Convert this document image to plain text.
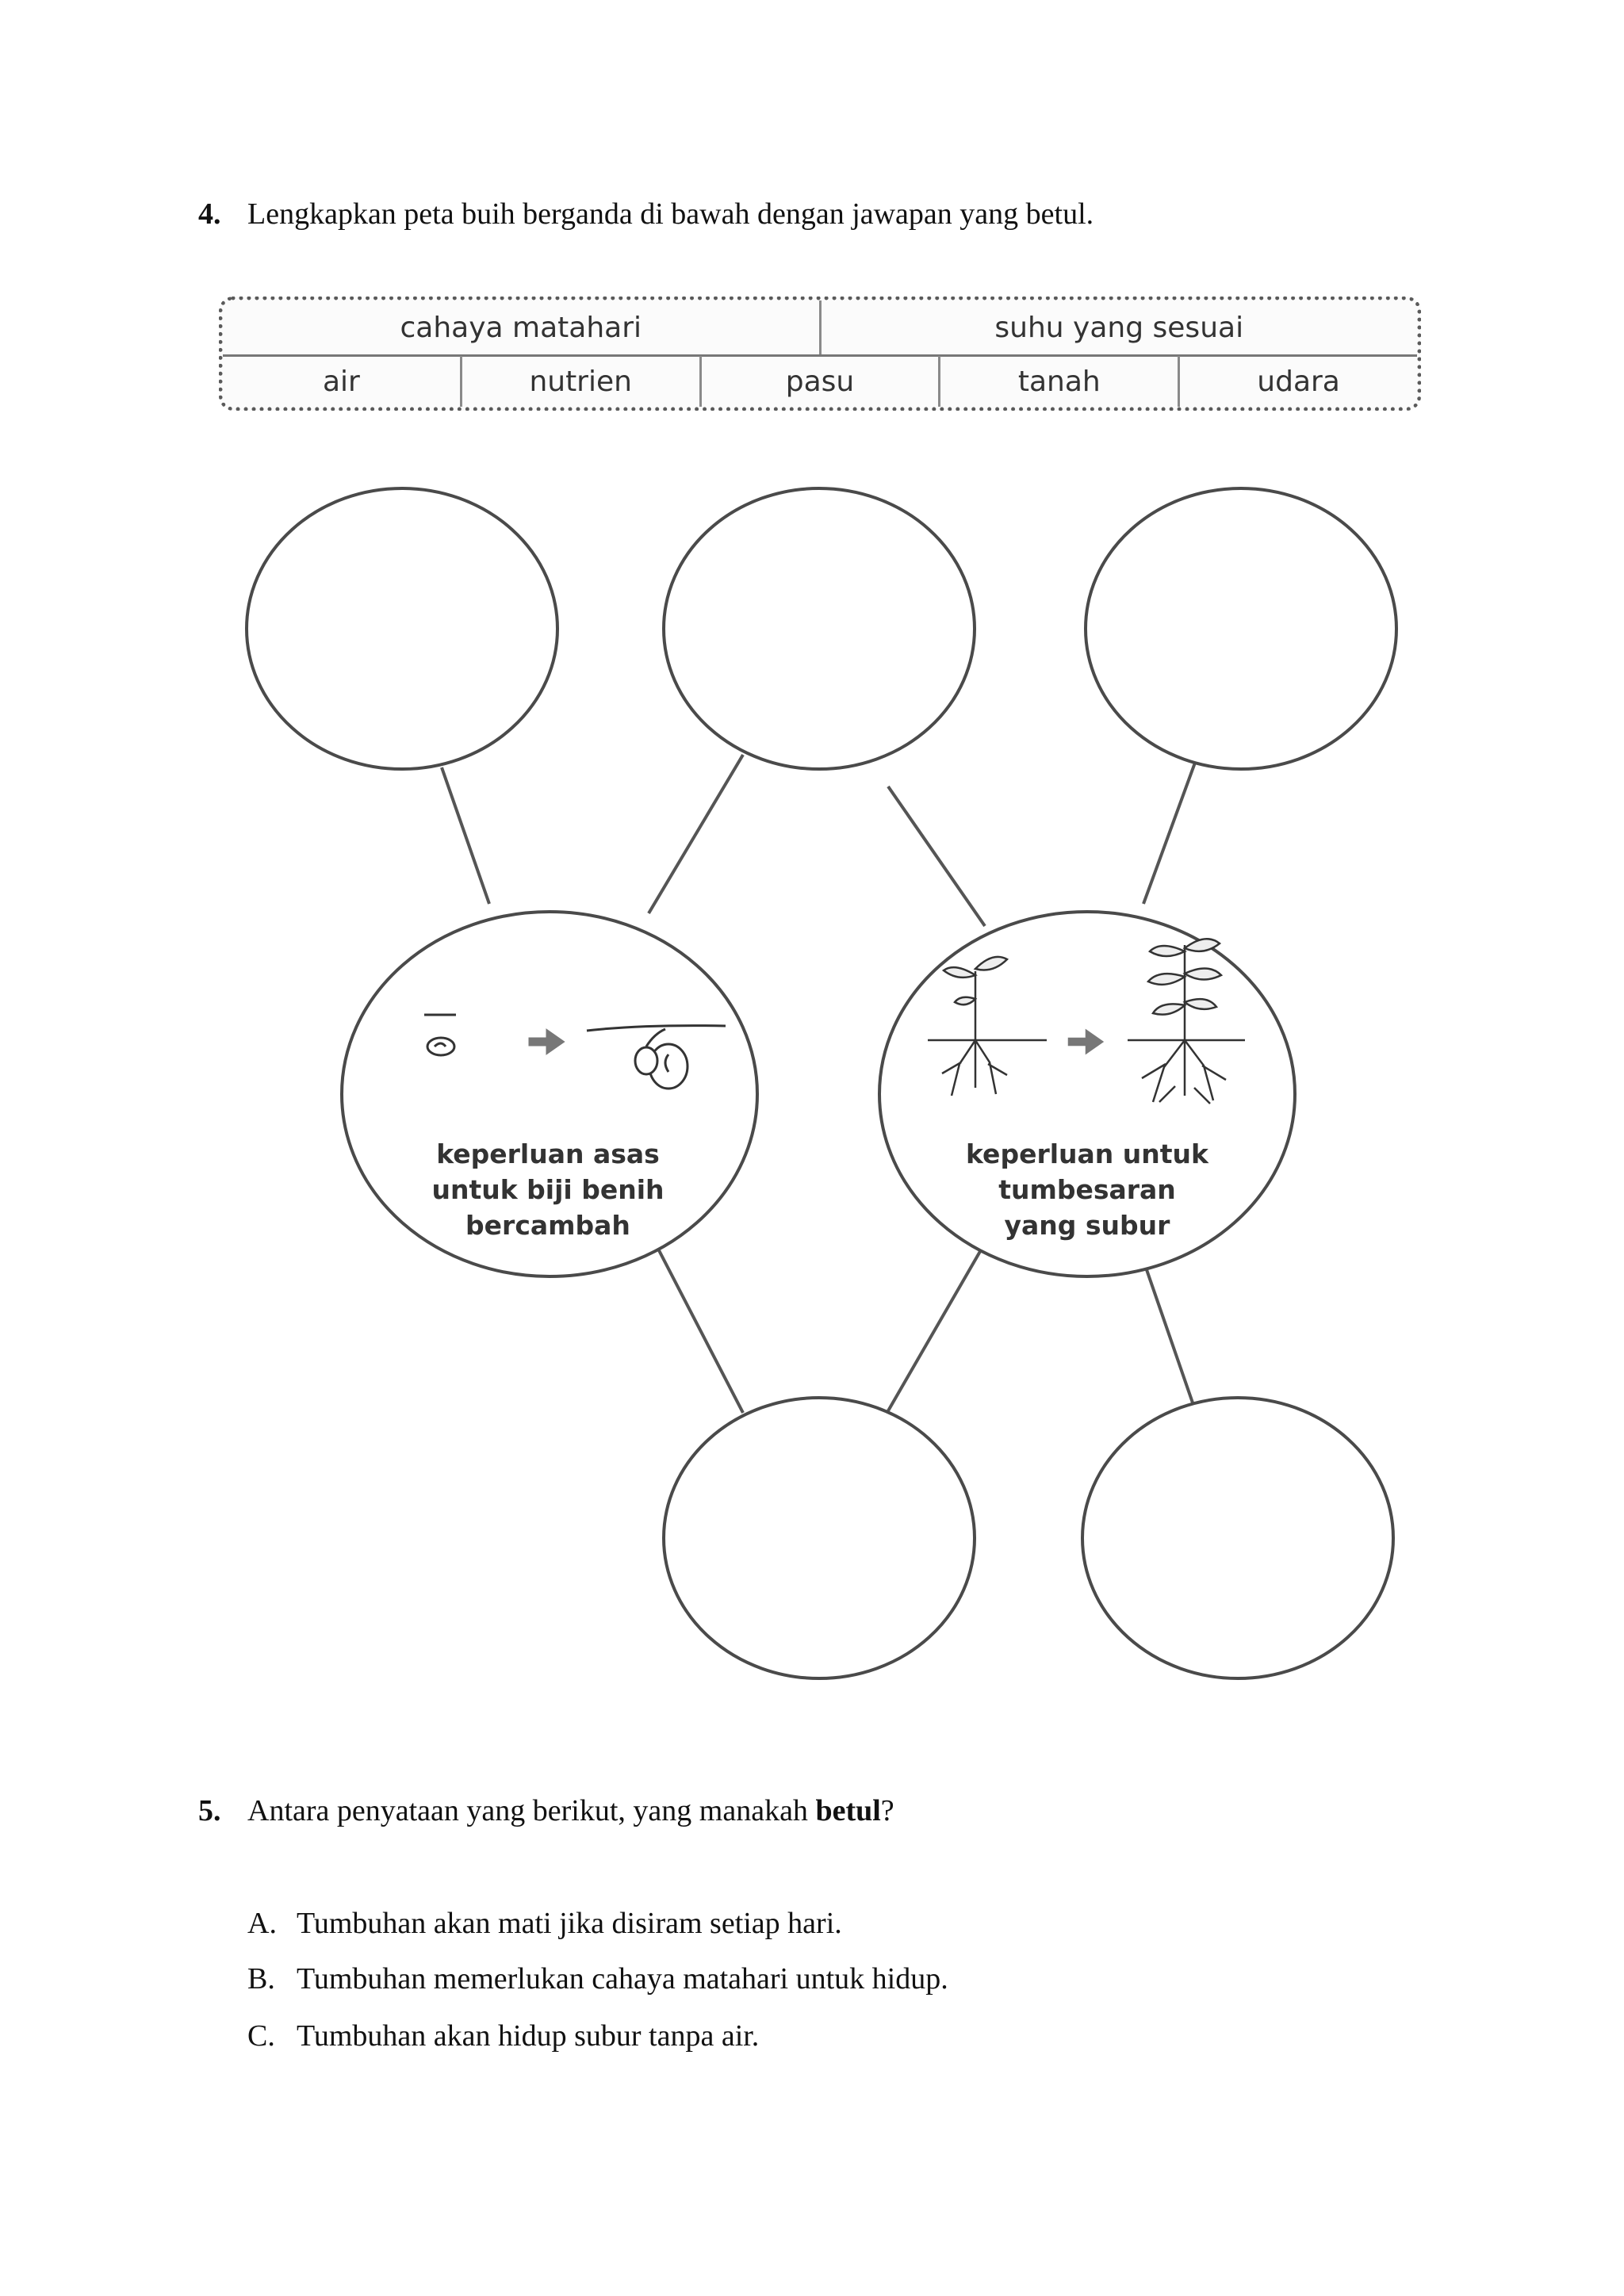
4. Lengkapkan peta buih berganda di bawah dengan jawapan yang betul.
cahaya matahari	suhu yang sesuai
air	nutrien	pasu	tanah	udara
keperluan asas
untuk biji benih
bercambah
keperluan untuk
tumbesaran
yang subur
5. Antara penyataan yang berikut, yang manakah betul?
A. Tumbuhan akan mati jika disiram setiap hari.
B. Tumbuhan memerlukan cahaya matahari untuk hidup.
C. Tumbuhan akan hidup subur tanpa air.
